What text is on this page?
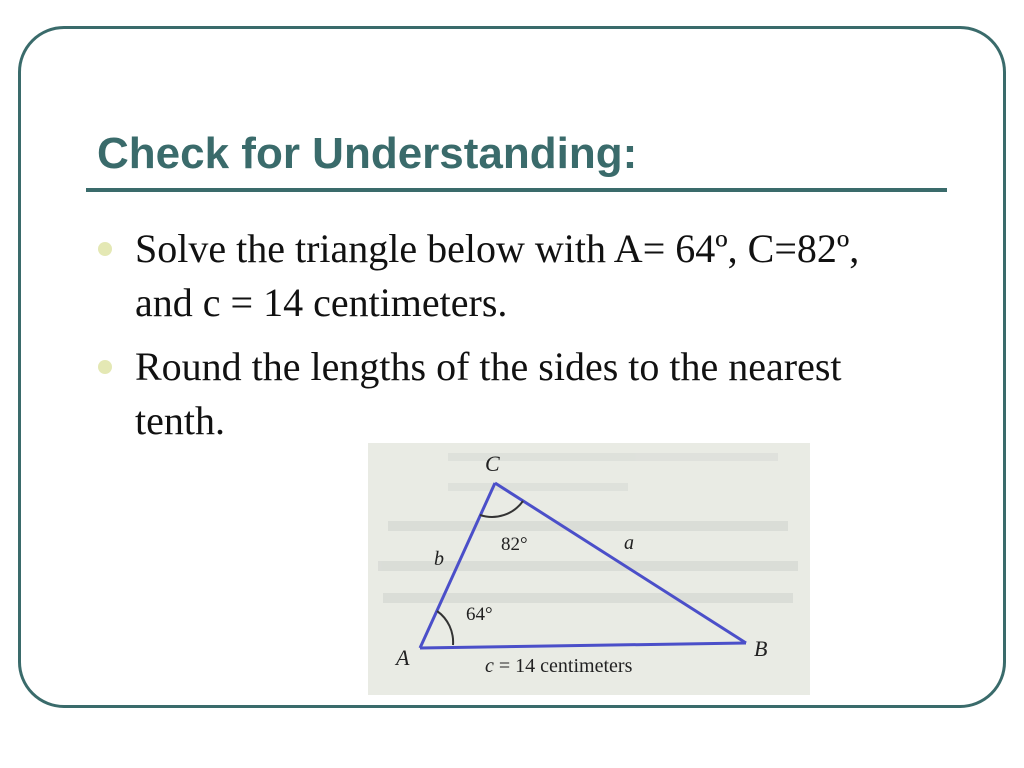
Check for Understanding:
Solve the triangle below with A= 64º, C=82º, and c = 14 centimeters.
Round the lengths of the sides to the nearest tenth.
C
A	B
a
b
82°
64°
c = 14 centimeters
